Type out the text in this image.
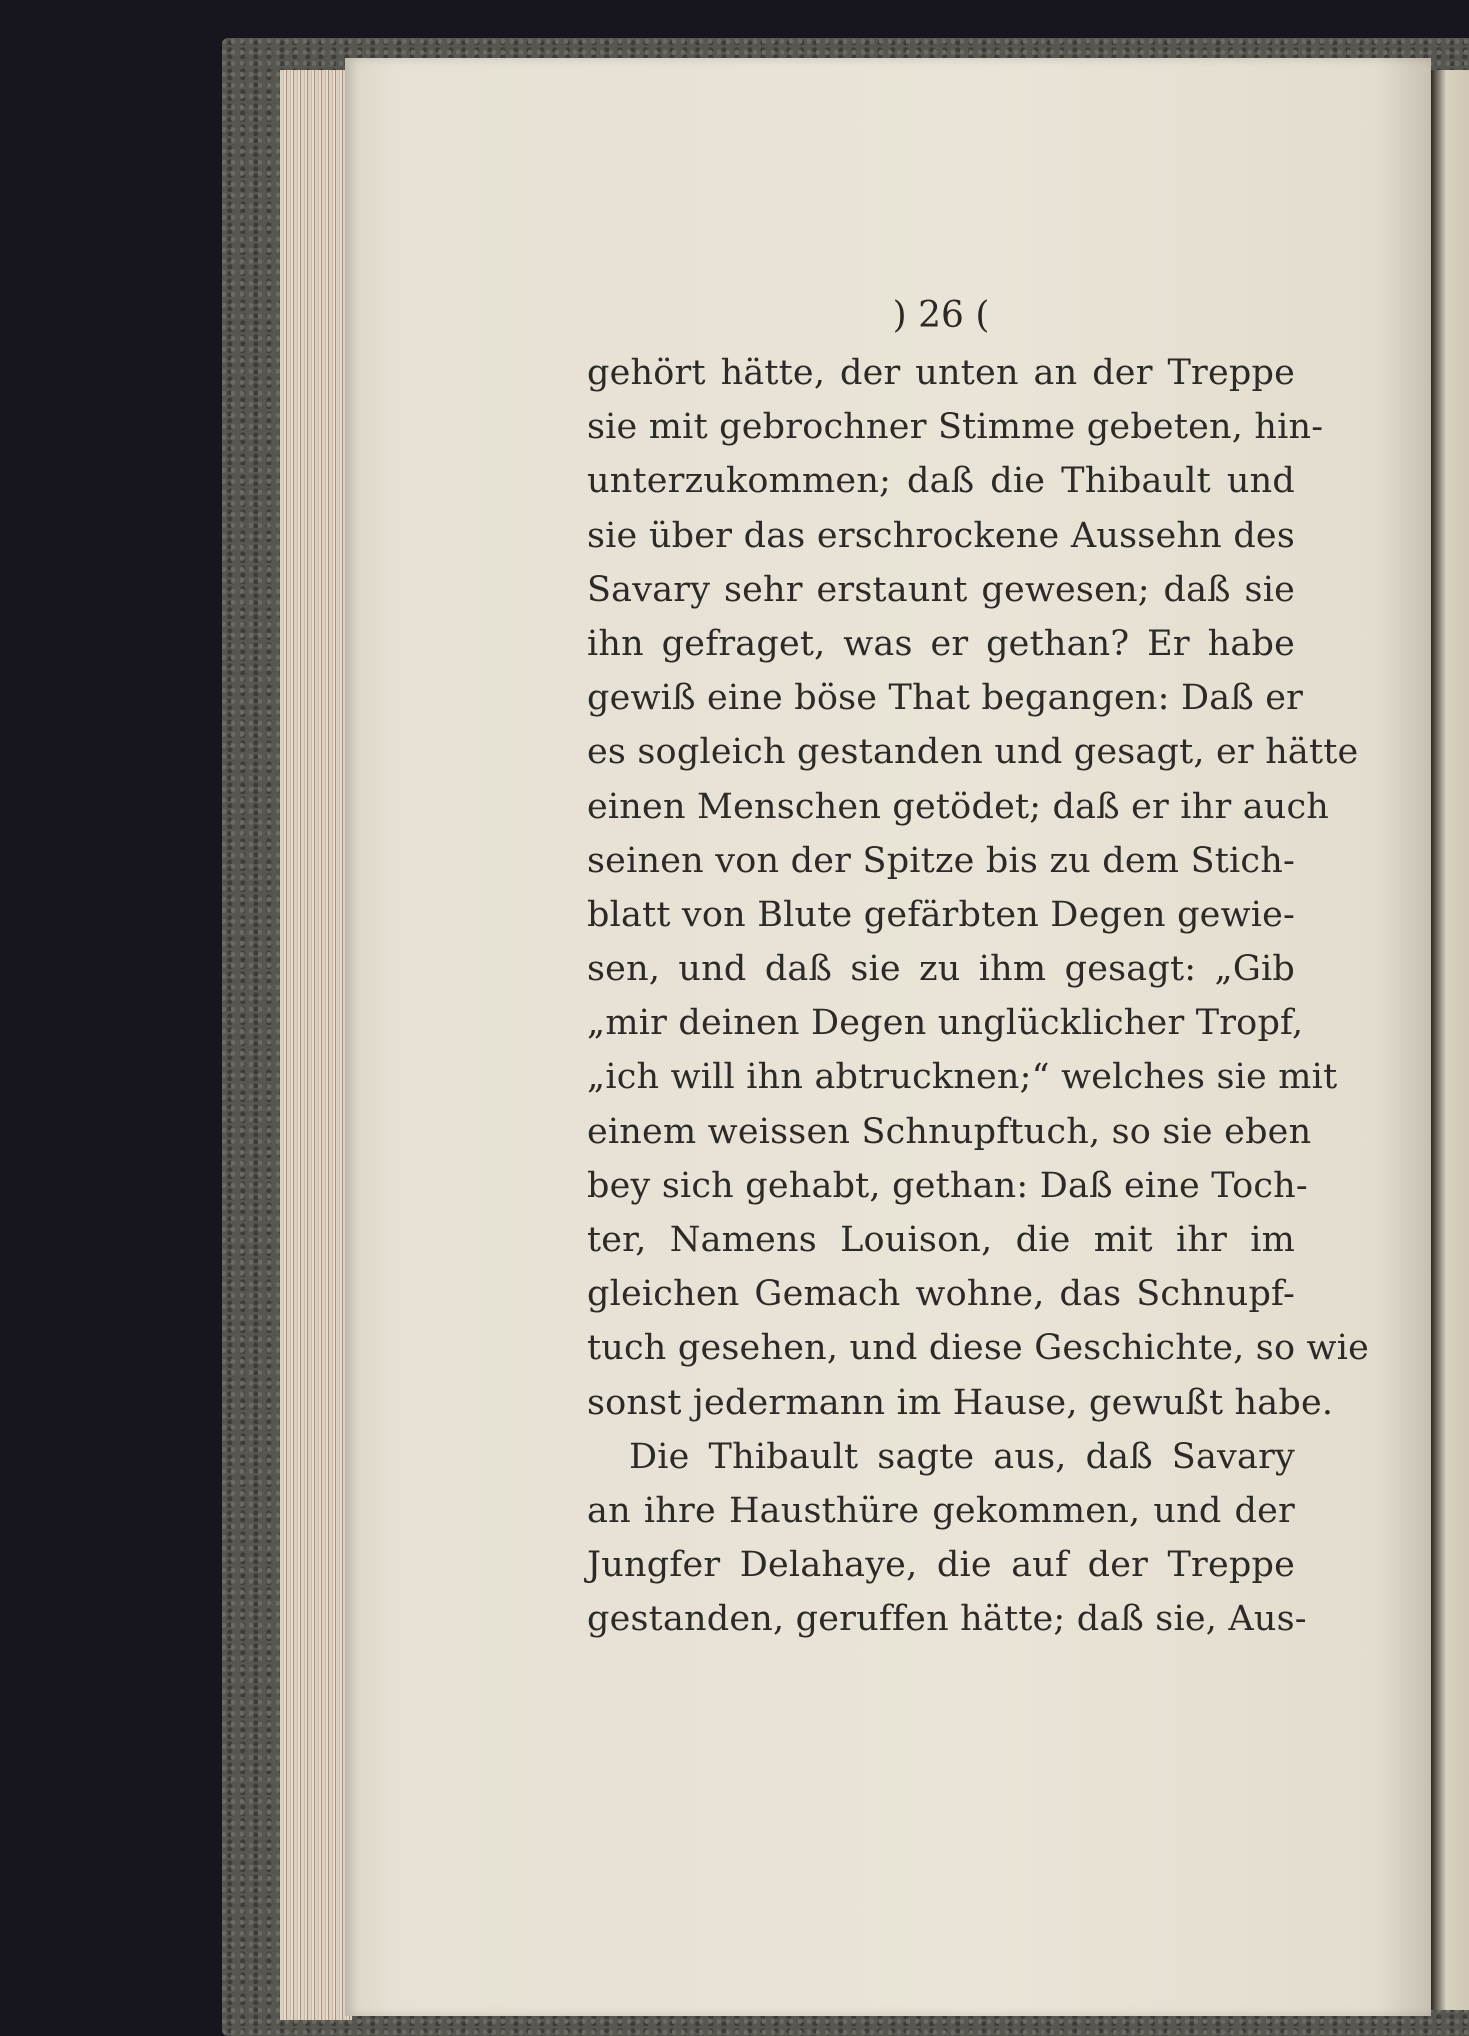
) 26 (
gehört hätte, der unten an der Treppe
sie mit gebrochner Stimme gebeten, hin-
unterzukommen; daß die Thibault und
sie über das erschrockene Aussehn des
Savary sehr erstaunt gewesen; daß sie
ihn gefraget, was er gethan? Er habe
gewiß eine böse That begangen: Daß er
es sogleich gestanden und gesagt, er hätte
einen Menschen getödet; daß er ihr auch
seinen von der Spitze bis zu dem Stich-
blatt von Blute gefärbten Degen gewie-
sen, und daß sie zu ihm gesagt: „Gib
„mir deinen Degen unglücklicher Tropf,
„ich will ihn abtrucknen;“ welches sie mit
einem weissen Schnupftuch, so sie eben
bey sich gehabt, gethan: Daß eine Toch-
ter, Namens Louison, die mit ihr im
gleichen Gemach wohne, das Schnupf-
tuch gesehen, und diese Geschichte, so wie
sonst jedermann im Hause, gewußt habe.
Die Thibault sagte aus, daß Savary
an ihre Hausthüre gekommen, und der
Jungfer Delahaye, die auf der Treppe
gestanden, geruffen hätte; daß sie, Aus-
